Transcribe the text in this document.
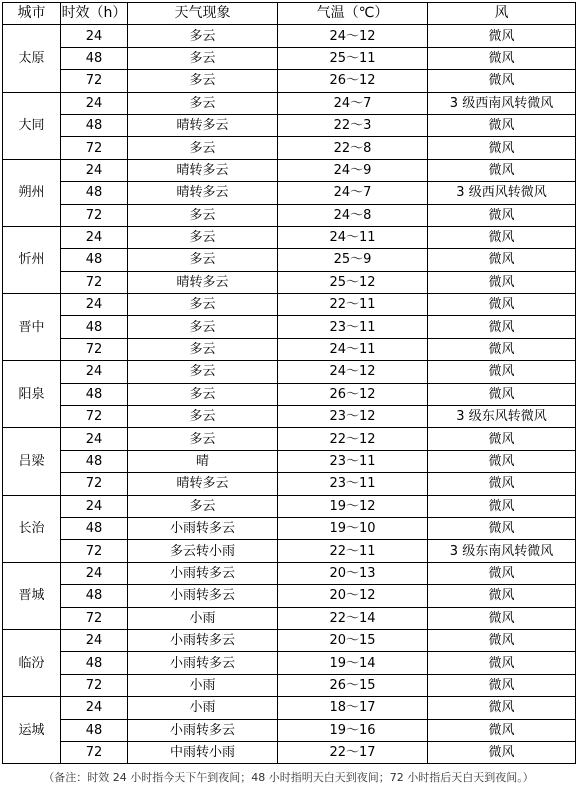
城市	时效（h）	天气现象	气温（℃）	风
太原	24	多云	24～12	微风
	48	多云	25～11	微风
	72	多云	26～12	微风
大同	24	多云	24～7	3 级西南风转微风
	48	晴转多云	22～3	微风
	72	多云	22～8	微风
朔州	24	晴转多云	24～9	微风
	48	晴转多云	24～7	3 级西风转微风
	72	多云	24～8	微风
忻州	24	多云	24～11	微风
	48	多云	25～9	微风
	72	晴转多云	25～12	微风
晋中	24	多云	22～11	微风
	48	多云	23～11	微风
	72	多云	24～11	微风
阳泉	24	多云	24～12	微风
	48	多云	26～12	微风
	72	多云	23～12	3 级东风转微风
吕梁	24	多云	22～12	微风
	48	晴	23～11	微风
	72	晴转多云	23～11	微风
长治	24	多云	19～12	微风
	48	小雨转多云	19～10	微风
	72	多云转小雨	22～11	3 级东南风转微风
晋城	24	小雨转多云	20～13	微风
	48	小雨转多云	20～12	微风
	72	小雨	22～14	微风
临汾	24	小雨转多云	20～15	微风
	48	小雨转多云	19～14	微风
	72	小雨	26～15	微风
运城	24	小雨	18～17	微风
	48	小雨转多云	19～16	微风
	72	中雨转小雨	22～17	微风
（备注：时效 24 小时指今天下午到夜间；48 小时指明天白天到夜间；72 小时指后天白天到夜间。）
